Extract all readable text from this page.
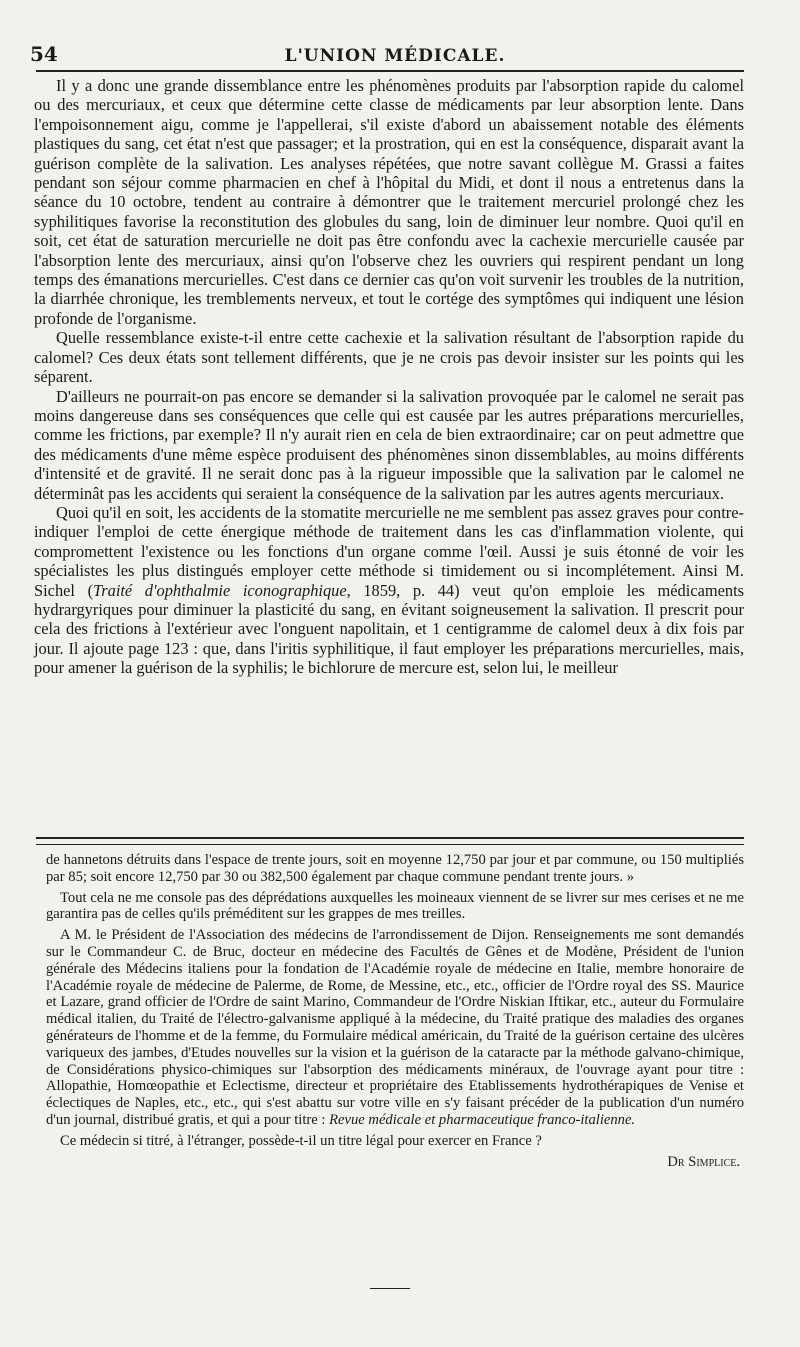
54	L'UNION MÉDICALE.

Il y a donc une grande dissemblance entre les phénomènes produits par l'absorption rapide du calomel ou des mercuriaux, et ceux que détermine cette classe de médicaments par leur absorption lente. Dans l'empoisonnement aigu, comme je l'appellerai, s'il existe d'abord un abaissement notable des éléments plastiques du sang, cet état n'est que passager; et la prostration, qui en est la conséquence, disparait avant la guérison complète de la salivation. Les analyses répétées, que notre savant collègue M. Grassi a faites pendant son séjour comme pharmacien en chef à l'hôpital du Midi, et dont il nous a entretenus dans la séance du 10 octobre, tendent au contraire à démontrer que le traitement mercuriel prolongé chez les syphilitiques favorise la reconstitution des globules du sang, loin de diminuer leur nombre. Quoi qu'il en soit, cet état de saturation mercurielle ne doit pas être confondu avec la cachexie mercurielle causée par l'absorption lente des mercuriaux, ainsi qu'on l'observe chez les ouvriers qui respirent pendant un long temps des émanations mercurielles. C'est dans ce dernier cas qu'on voit survenir les troubles de la nutrition, la diarrhée chronique, les tremblements nerveux, et tout le cortége des symptômes qui indiquent une lésion profonde de l'organisme.

Quelle ressemblance existe-t-il entre cette cachexie et la salivation résultant de l'absorption rapide du calomel? Ces deux états sont tellement différents, que je ne crois pas devoir insister sur les points qui les séparent.

D'ailleurs ne pourrait-on pas encore se demander si la salivation provoquée par le calomel ne serait pas moins dangereuse dans ses conséquences que celle qui est causée par les autres préparations mercurielles, comme les frictions, par exemple? Il n'y aurait rien en cela de bien extraordinaire; car on peut admettre que des médicaments d'une même espèce produisent des phénomènes sinon dissemblables, au moins différents d'intensité et de gravité. Il ne serait donc pas à la rigueur impossible que la salivation par le calomel ne déterminât pas les accidents qui seraient la conséquence de la salivation par les autres agents mercuriaux.

Quoi qu'il en soit, les accidents de la stomatite mercurielle ne me semblent pas assez graves pour contre-indiquer l'emploi de cette énergique méthode de traitement dans les cas d'inflammation violente, qui compromettent l'existence ou les fonctions d'un organe comme l'œil. Aussi je suis étonné de voir les spécialistes les plus distingués employer cette méthode si timidement ou si incomplétement. Ainsi M. Sichel (Traité d'ophthalmie iconographique, 1859, p. 44) veut qu'on emploie les médicaments hydrargyriques pour diminuer la plasticité du sang, en évitant soigneusement la salivation. Il prescrit pour cela des frictions à l'extérieur avec l'onguent napolitain, et 1 centigramme de calomel deux à dix fois par jour. Il ajoute page 123 : que, dans l'iritis syphilitique, il faut employer les préparations mercurielles, mais, pour amener la guérison de la syphilis; le bichlorure de mercure est, selon lui, le meilleur

de hannetons détruits dans l'espace de trente jours, soit en moyenne 12,750 par jour et par commune, ou 150 multipliés par 85; soit encore 12,750 par 30 ou 382,500 également par chaque commune pendant trente jours. »

Tout cela ne me console pas des déprédations auxquelles les moineaux viennent de se livrer sur mes cerises et ne me garantira pas de celles qu'ils préméditent sur les grappes de mes treilles.

A M. le Président de l'Association des médecins de l'arrondissement de Dijon. Renseignements me sont demandés sur le Commandeur C. de Bruc, docteur en médecine des Facultés de Gênes et de Modène, Président de l'union générale des Médecins italiens pour la fondation de l'Académie royale de médecine en Italie, membre honoraire de l'Académie royale de médecine de Palerme, de Rome, de Messine, etc., etc., officier de l'Ordre royal des SS. Maurice et Lazare, grand officier de l'Ordre de saint Marino, Commandeur de l'Ordre Niskian Iftikar, etc., auteur du Formulaire médical italien, du Traité de l'électro-galvanisme appliqué à la médecine, du Traité pratique des maladies des organes générateurs de l'homme et de la femme, du Formulaire médical américain, du Traité de la guérison certaine des ulcères variqueux des jambes, d'Etudes nouvelles sur la vision et la guérison de la cataracte par la méthode galvano-chimique, de Considérations physico-chimiques sur l'absorption des médicaments minéraux, de l'ouvrage ayant pour titre : Allopathie, Homœopathie et Eclectisme, directeur et propriétaire des Etablissements hydrothérapiques de Venise et éclectiques de Naples, etc., etc., qui s'est abattu sur votre ville en s'y faisant précéder de la publication d'un numéro d'un journal, distribué gratis, et qui a pour titre : Revue médicale et pharmaceutique franco-italienne.

Ce médecin si titré, à l'étranger, possède-t-il un titre légal pour exercer en France ?

Dr Simplice.
